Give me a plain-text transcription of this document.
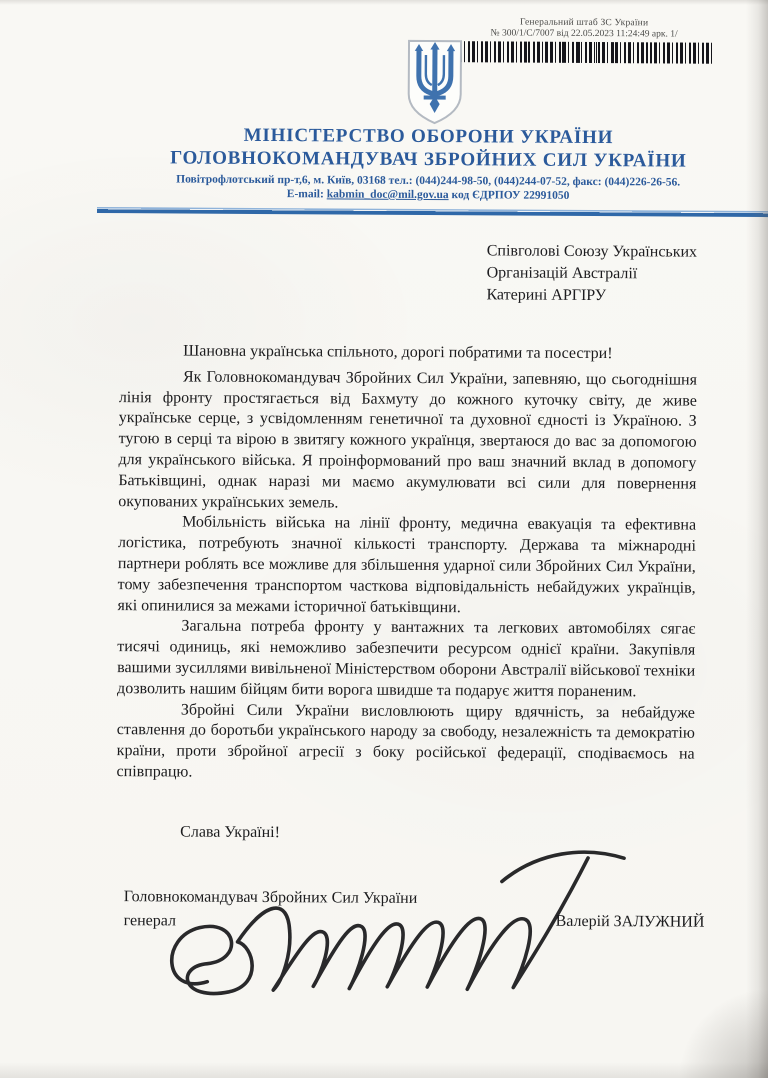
Генеральний штаб ЗС України
№ 300/1/С/7007 від 22.05.2023 11:24:49 арк. 1/
МІНІСТЕРСТВО ОБОРОНИ УКРАЇНИ
ГОЛОВНОКОМАНДУВАЧ ЗБРОЙНИХ СИЛ УКРАЇНИ
Повітрофлотський пр-т,6, м. Київ, 03168 тел.: (044)244-98-50, (044)244-07-52, факс: (044)226-26-56.
E-mail: kabmin_doc@mil.gov.ua код ЄДРПОУ 22991050
Співголові Союзу Українських
Організацій Австралії
Катерині АРГІРУ
Шановна українська спільното, дорогі побратими та посестри!

Як Головнокомандувач Збройних Сил України, запевняю, що сьогоднішня лінія фронту простягається від Бахмуту до кожного куточку світу, де живе українське серце, з усвідомленням генетичної та духовної єдності із Україною. З тугою в серці та вірою в звитягу кожного українця, звертаюся до вас за допомогою для українського війська. Я проінформований про ваш значний вклад в допомогу Батьківщині, однак наразі ми маємо акумулювати всі сили для повернення окупованих українських земель.

Мобільність війська на лінії фронту, медична евакуація та ефективна логістика, потребують значної кількості транспорту. Держава та міжнародні партнери роблять все можливе для збільшення ударної сили Збройних Сил України, тому забезпечення транспортом часткова відповідальність небайдужих українців, які опинилися за межами історичної батьківщини.

Загальна потреба фронту у вантажних та легкових автомобілях сягає тисячі одиниць, які неможливо забезпечити ресурсом однієї країни. Закупівля вашими зусиллями вивільненої Міністерством оборони Австралії військової техніки дозволить нашим бійцям бити ворога швидше та подарує життя пораненим.

Збройні Сили України висловлюють щиру вдячність, за небайдуже ставлення до боротьби українського народу за свободу, незалежність та демократію країни, проти збройної агресії з боку російської федерації, сподіваємось на співпрацю.

Слава Україні!
Головнокомандувач Збройних Сил України
генерал	Валерій ЗАЛУЖНИЙ
